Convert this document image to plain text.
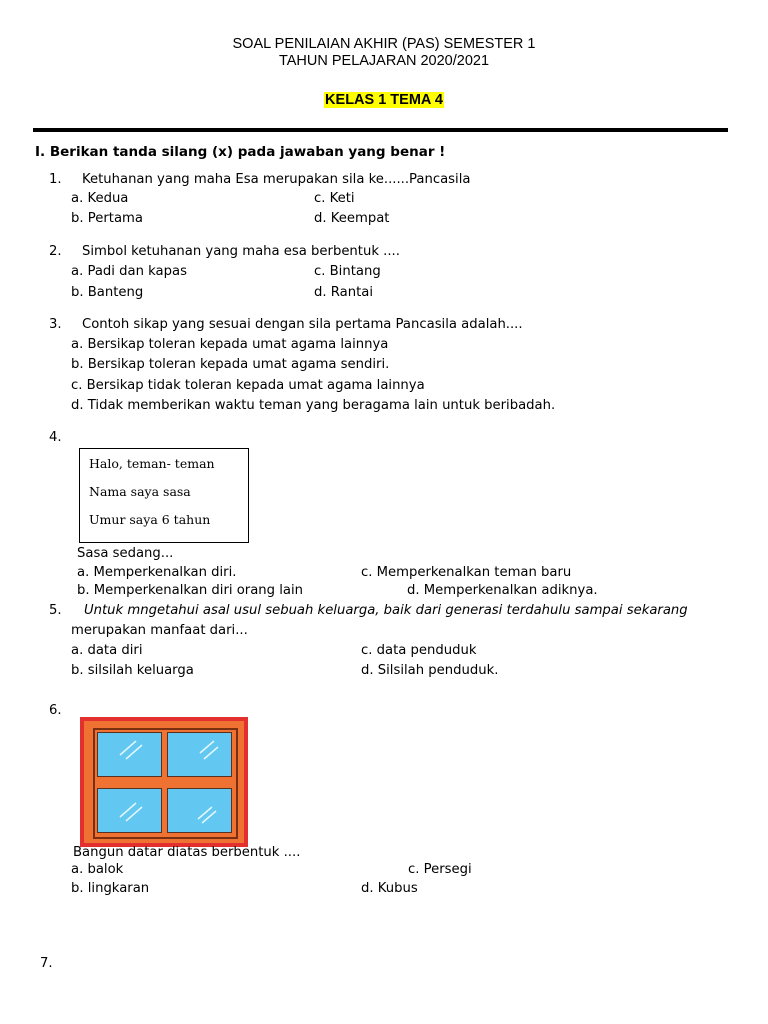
SOAL PENILAIAN AKHIR (PAS) SEMESTER 1
TAHUN PELAJARAN 2020/2021
KELAS 1 TEMA 4
I. Berikan tanda silang (x) pada jawaban yang benar !
1. Ketuhanan yang maha Esa merupakan sila ke......Pancasila
a. Kedua
b. Pertama
c. Keti
d. Keempat
2. Simbol ketuhanan yang maha esa berbentuk ....
a. Padi dan kapas
b. Banteng
c. Bintang
d. Rantai
3. Contoh sikap yang sesuai dengan sila pertama Pancasila adalah....
a. Bersikap toleran kepada umat agama lainnya
b. Bersikap toleran kepada umat agama sendiri.
c. Bersikap tidak toleran kepada umat agama lainnya
d. Tidak memberikan waktu teman yang beragama lain untuk beribadah.
4.
Halo, teman- teman
Nama saya sasa
Umur saya 6 tahun
Sasa sedang...
a. Memperkenalkan diri.
b. Memperkenalkan diri orang lain
c. Memperkenalkan teman baru
d. Memperkenalkan adiknya.
5. Untuk mngetahui asal usul sebuah keluarga, baik dari generasi terdahulu sampai sekarang
merupakan manfaat dari...
a. data diri
b. silsilah keluarga
c. data penduduk
d. Silsilah penduduk.
6.
Bangun datar diatas berbentuk ....
a. balok
b. lingkaran
c. Persegi
d. Kubus
7.
